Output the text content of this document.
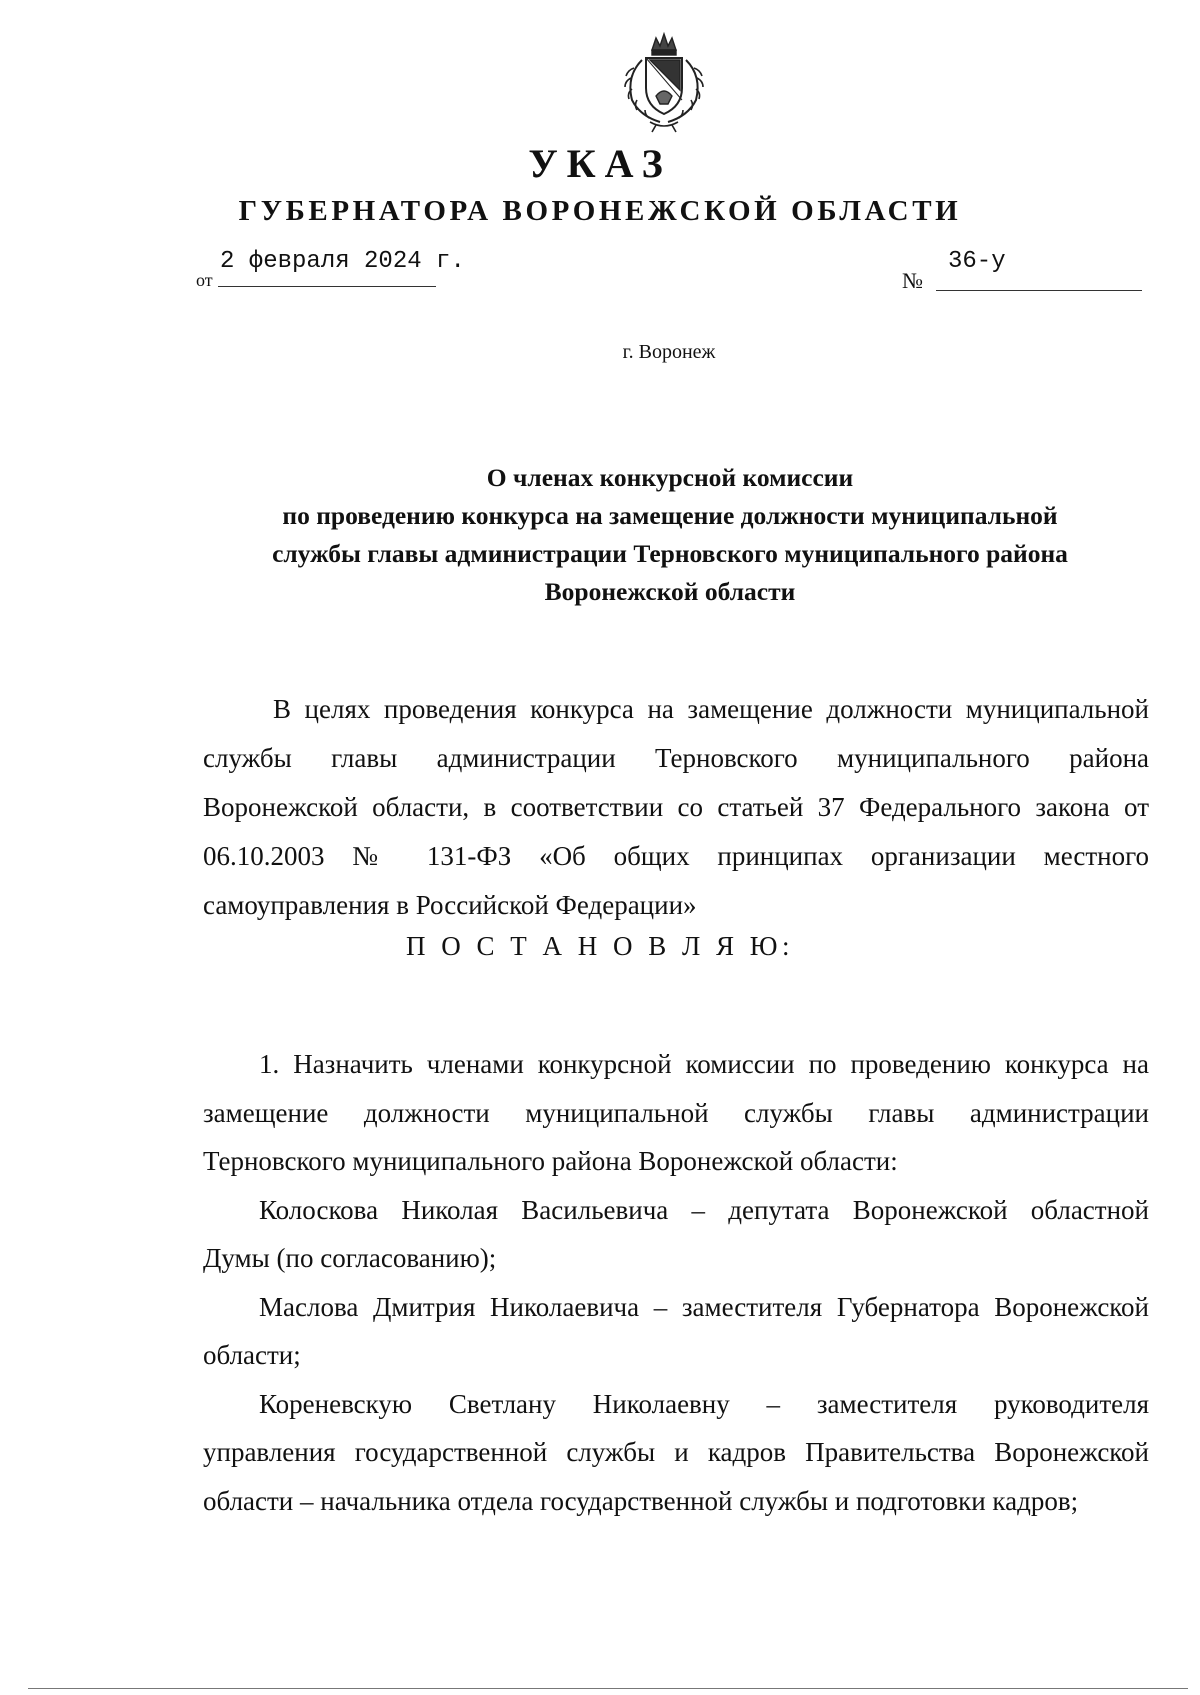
УКАЗ
ГУБЕРНАТОРА ВОРОНЕЖСКОЙ ОБЛАСТИ
от
2 февраля 2024 г.
№
36-у
г. Воронеж
О членах конкурсной комиссии
по проведению конкурса на замещение должности муниципальной
службы главы администрации Терновского муниципального района
Воронежской области
В целях проведения конкурса на замещение должности муниципальной
службы главы администрации Терновского муниципального района
Воронежской области, в соответствии со статьей 37 Федерального закона от
06.10.2003 № 131-ФЗ «Об общих принципах организации местного
самоуправления в Российской Федерации»
П О С Т А Н О В Л Я Ю:
1. Назначить членами конкурсной комиссии по проведению конкурса на
замещение должности муниципальной службы главы администрации
Терновского муниципального района Воронежской области:
Колоскова Николая Васильевича – депутата Воронежской областной
Думы (по согласованию);
Маслова Дмитрия Николаевича – заместителя Губернатора Воронежской
области;
Кореневскую Светлану Николаевну – заместителя руководителя
управления государственной службы и кадров Правительства Воронежской
области – начальника отдела государственной службы и подготовки кадров;
